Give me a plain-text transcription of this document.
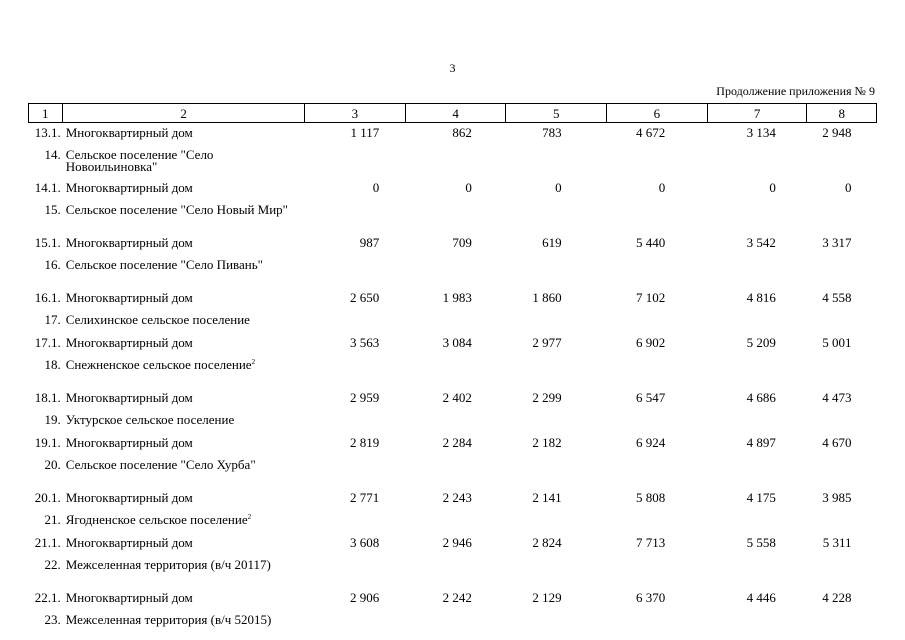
3
Продолжение приложения № 9
1	2	3	4	5	6	7	8
13.1.	Многоквартирный дом	1 117	862	783	4 672	3 134	2 948
14.	Сельское поселение "Село Новоильиновка"						
14.1.	Многоквартирный дом	0	0	0	0	0	0
15.	Сельское поселение "Село Новый Мир"						
15.1.	Многоквартирный дом	987	709	619	5 440	3 542	3 317
16.	Сельское поселение "Село Пивань"						
16.1.	Многоквартирный дом	2 650	1 983	1 860	7 102	4 816	4 558
17.	Селихинское сельское поселение						
17.1.	Многоквартирный дом	3 563	3 084	2 977	6 902	5 209	5 001
18.	Снежненское сельское поселение$^2$						
18.1.	Многоквартирный дом	2 959	2 402	2 299	6 547	4 686	4 473
19.	Уктурское сельское поселение						
19.1.	Многоквартирный дом	2 819	2 284	2 182	6 924	4 897	4 670
20.	Сельское поселение "Село Хурба"						
20.1.	Многоквартирный дом	2 771	2 243	2 141	5 808	4 175	3 985
21.	Ягодненское сельское поселение$^2$						
21.1.	Многоквартирный дом	3 608	2 946	2 824	7 713	5 558	5 311
22.	Межселенная территория (в/ч 20117)						
22.1.	Многоквартирный дом	2 906	2 242	2 129	6 370	4 446	4 228
23.	Межселенная территория (в/ч 52015)						
